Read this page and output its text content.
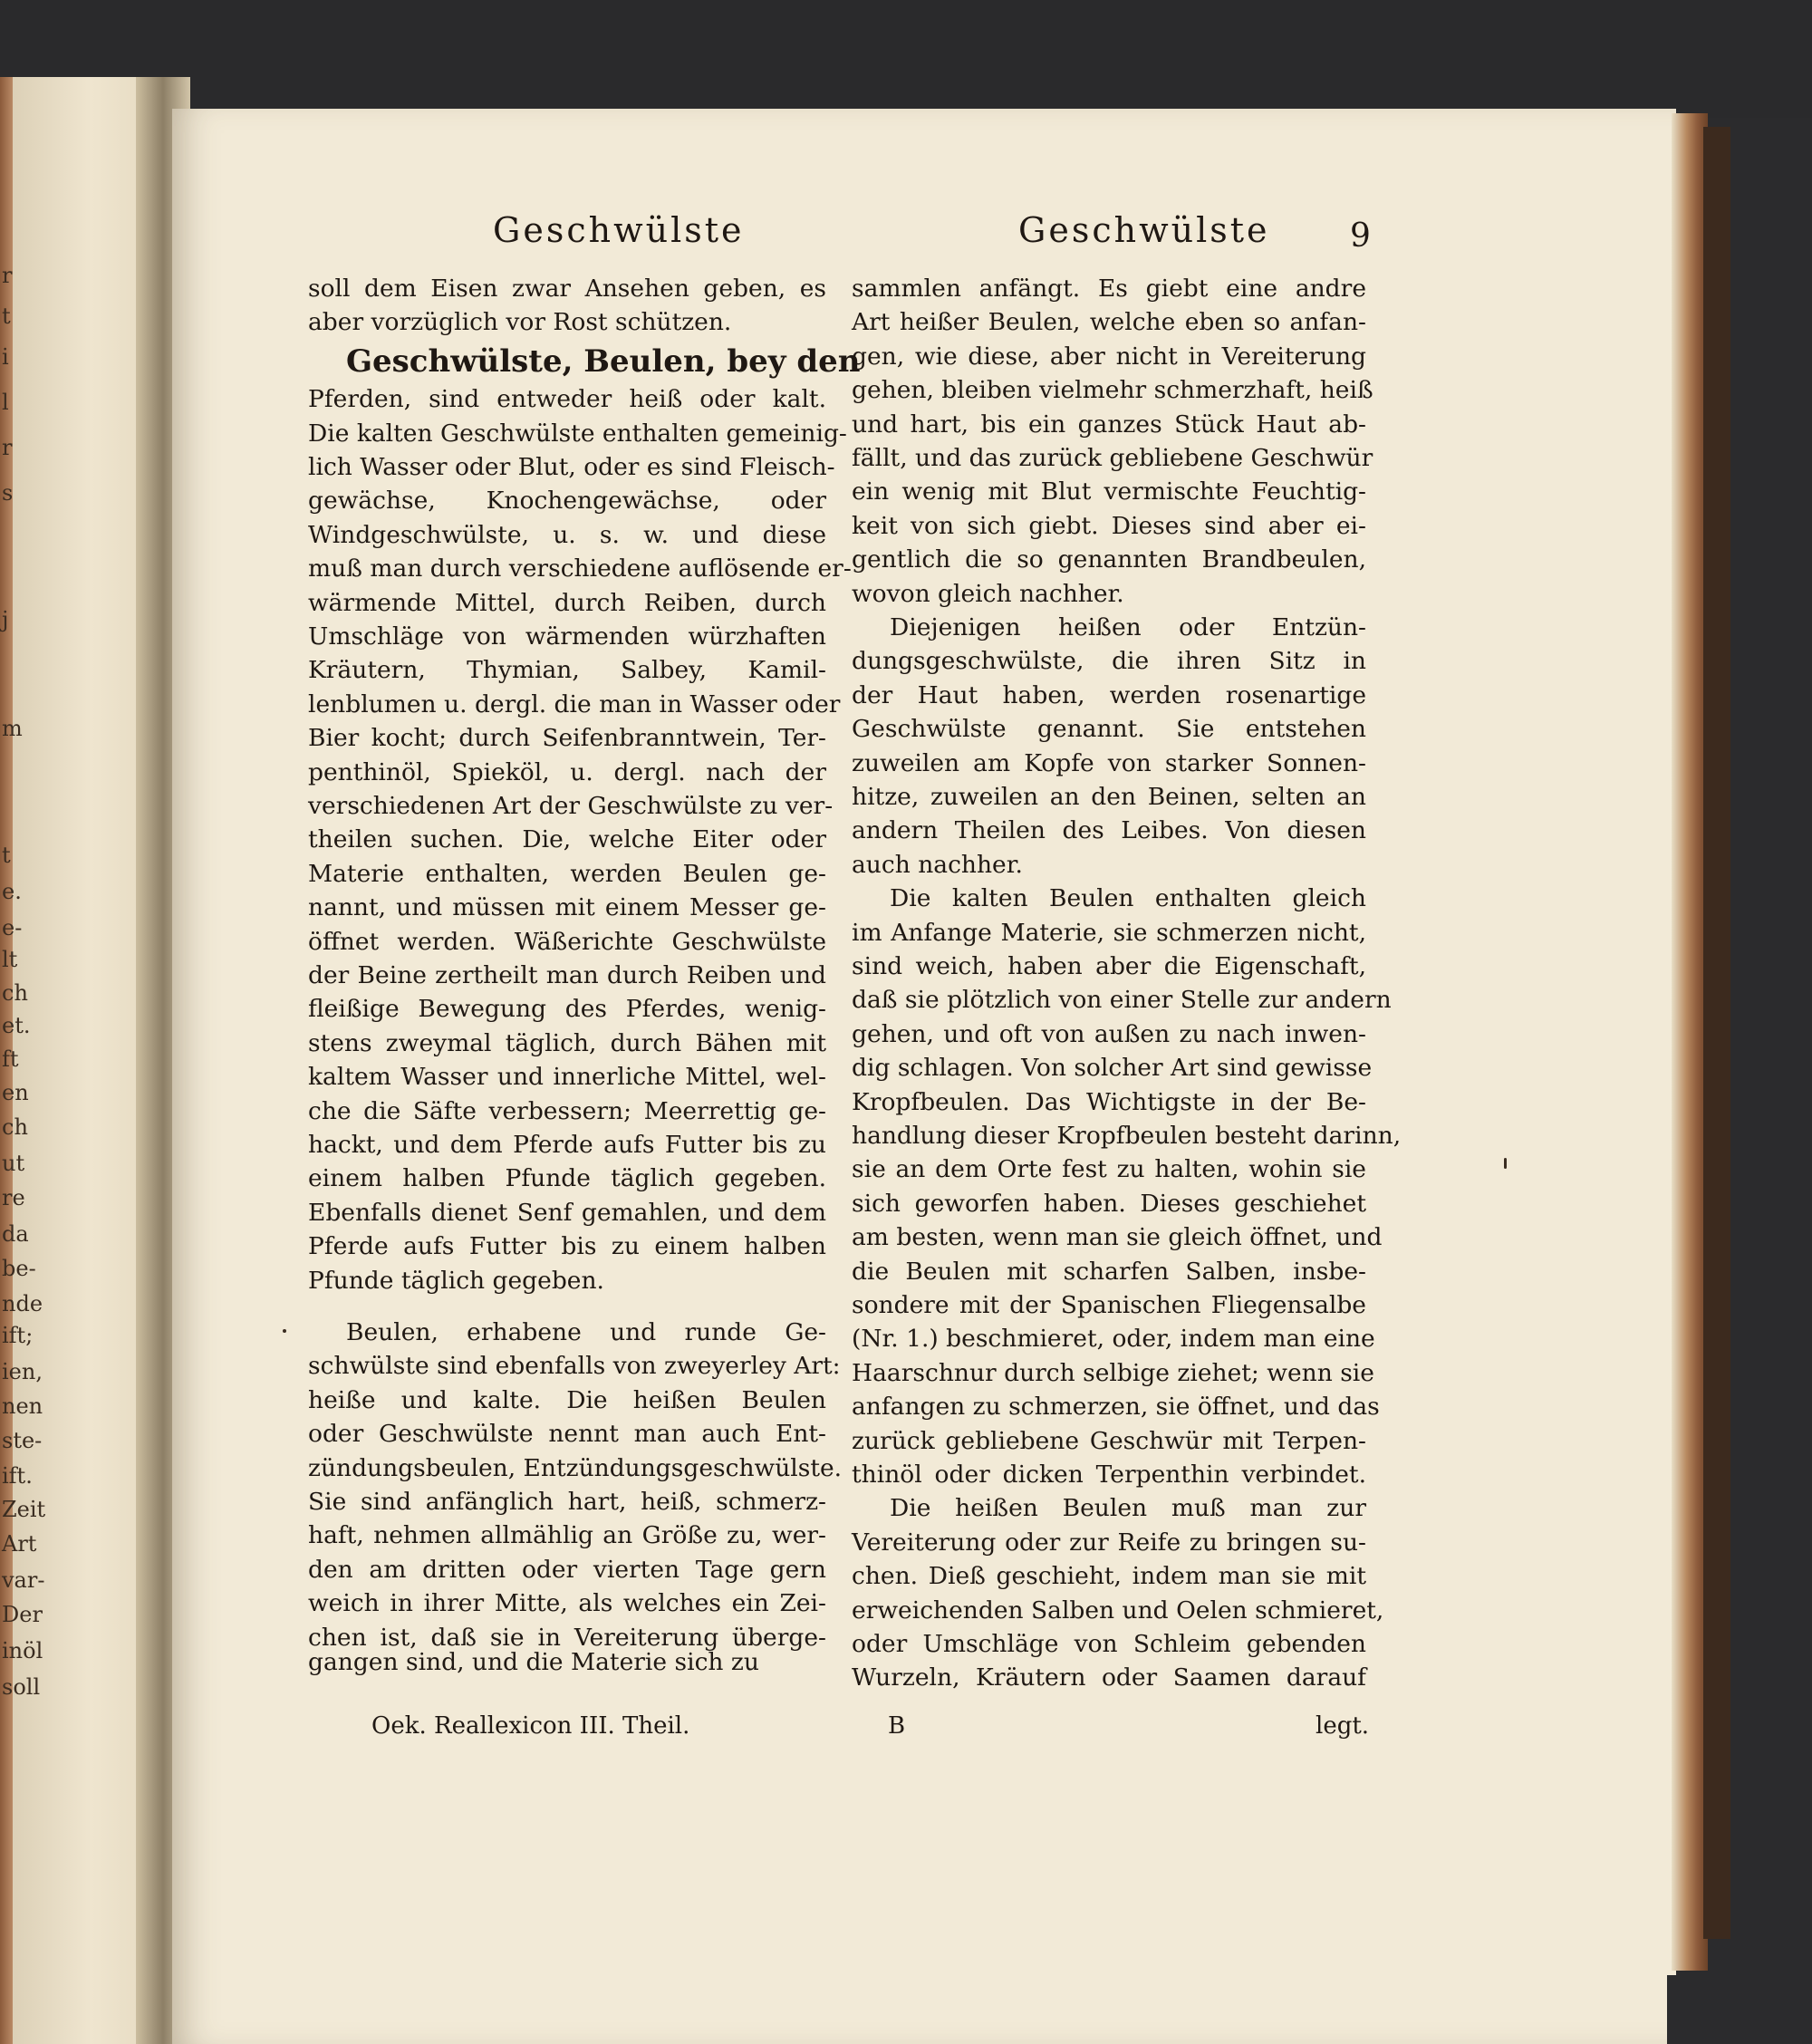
r
t
i
l
r
s
j
m
t
e.
e-
lt
ch
et.
ft
en
ch
ut
re
da
be-
nde
ift;
ien,
nen
ste-
ift.
Zeit
Art
var-
Der
inöl
soll
Geschwülste	Geschwülste 9
soll dem Eisen zwar Ansehen geben, es
aber vorzüglich vor Rost schützen.
Geschwülste, Beulen, bey den
Pferden, sind entweder heiß oder kalt.
Die kalten Geschwülste enthalten gemeinig-
lich Wasser oder Blut, oder es sind Fleisch-
gewächse, Knochengewächse, oder
Windgeschwülste, u. s. w. und diese
muß man durch verschiedene auflösende er-
wärmende Mittel, durch Reiben, durch
Umschläge von wärmenden würzhaften
Kräutern, Thymian, Salbey, Kamil-
lenblumen u. dergl. die man in Wasser oder
Bier kocht; durch Seifenbranntwein, Ter-
penthinöl, Spieköl, u. dergl. nach der
verschiedenen Art der Geschwülste zu ver-
theilen suchen. Die, welche Eiter oder
Materie enthalten, werden Beulen ge-
nannt, und müssen mit einem Messer ge-
öffnet werden. Wäßerichte Geschwülste
der Beine zertheilt man durch Reiben und
fleißige Bewegung des Pferdes, wenig-
stens zweymal täglich, durch Bähen mit
kaltem Wasser und innerliche Mittel, wel-
che die Säfte verbessern; Meerrettig ge-
hackt, und dem Pferde aufs Futter bis zu
einem halben Pfunde täglich gegeben.
Ebenfalls dienet Senf gemahlen, und dem
Pferde aufs Futter bis zu einem halben
Pfunde täglich gegeben.
Beulen, erhabene und runde Ge-
schwülste sind ebenfalls von zweyerley Art:
heiße und kalte. Die heißen Beulen
oder Geschwülste nennt man auch Ent-
zündungsbeulen, Entzündungsgeschwülste.
Sie sind anfänglich hart, heiß, schmerz-
haft, nehmen allmählig an Größe zu, wer-
den am dritten oder vierten Tage gern
weich in ihrer Mitte, als welches ein Zei-
chen ist, daß sie in Vereiterung überge-
gangen sind, und die Materie sich zu
sammlen anfängt. Es giebt eine andre
Art heißer Beulen, welche eben so anfan-
gen, wie diese, aber nicht in Vereiterung
gehen, bleiben vielmehr schmerzhaft, heiß
und hart, bis ein ganzes Stück Haut ab-
fällt, und das zurück gebliebene Geschwür
ein wenig mit Blut vermischte Feuchtig-
keit von sich giebt. Dieses sind aber ei-
gentlich die so genannten Brandbeulen,
wovon gleich nachher.
Diejenigen heißen oder Entzün-
dungsgeschwülste, die ihren Sitz in
der Haut haben, werden rosenartige
Geschwülste genannt. Sie entstehen
zuweilen am Kopfe von starker Sonnen-
hitze, zuweilen an den Beinen, selten an
andern Theilen des Leibes. Von diesen
auch nachher.
Die kalten Beulen enthalten gleich
im Anfange Materie, sie schmerzen nicht,
sind weich, haben aber die Eigenschaft,
daß sie plötzlich von einer Stelle zur andern
gehen, und oft von außen zu nach inwen-
dig schlagen. Von solcher Art sind gewisse
Kropfbeulen. Das Wichtigste in der Be-
handlung dieser Kropfbeulen besteht darinn,
sie an dem Orte fest zu halten, wohin sie
sich geworfen haben. Dieses geschiehet
am besten, wenn man sie gleich öffnet, und
die Beulen mit scharfen Salben, insbe-
sondere mit der Spanischen Fliegensalbe
(Nr. 1.) beschmieret, oder, indem man eine
Haarschnur durch selbige ziehet; wenn sie
anfangen zu schmerzen, sie öffnet, und das
zurück gebliebene Geschwür mit Terpen-
thinöl oder dicken Terpenthin verbindet.
Die heißen Beulen muß man zur
Vereiterung oder zur Reife zu bringen su-
chen. Dieß geschieht, indem man sie mit
erweichenden Salben und Oelen schmieret,
oder Umschläge von Schleim gebenden
Wurzeln, Kräutern oder Saamen darauf
Oek. Reallexicon III. Theil.	B	legt.
